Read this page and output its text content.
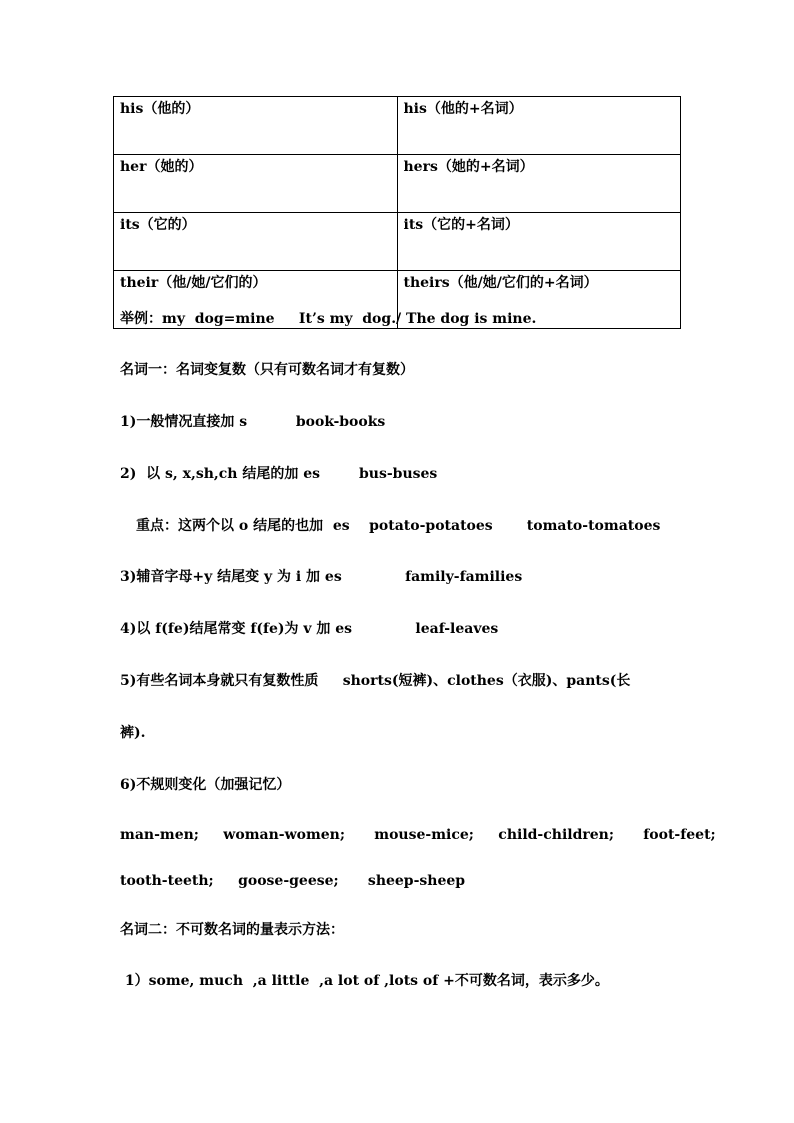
his（他的）	his（他的+名词）
her（她的）	hers（她的+名词）
its（它的）	its（它的+名词）
their（他/她/它们的）	theirs（他/她/它们的+名词）
举例：my  dog=mine     It’s my  dog./ The dog is mine.
名词一：名词变复数（只有可数名词才有复数）
1)一般情况直接加 s          book-books
2)  以 s, x,sh,ch 结尾的加 es        bus-buses
重点：这两个以 o 结尾的也加  es    potato-potatoes       tomato-tomatoes
3)辅音字母+y 结尾变 y 为 i 加 es             family-families
4)以 f(fe)结尾常变 f(fe)为 v 加 es             leaf-leaves
5)有些名词本身就只有复数性质     shorts(短裤)、clothes（衣服)、pants(长
裤).
6)不规则变化（加强记忆）
man-men;     woman-women;      mouse-mice;     child-children;      foot-feet;
tooth-teeth;     goose-geese;      sheep-sheep
名词二：不可数名词的量表示方法：
1）some, much  ,a little  ,a lot of ,lots of +不可数名词，表示多少。
